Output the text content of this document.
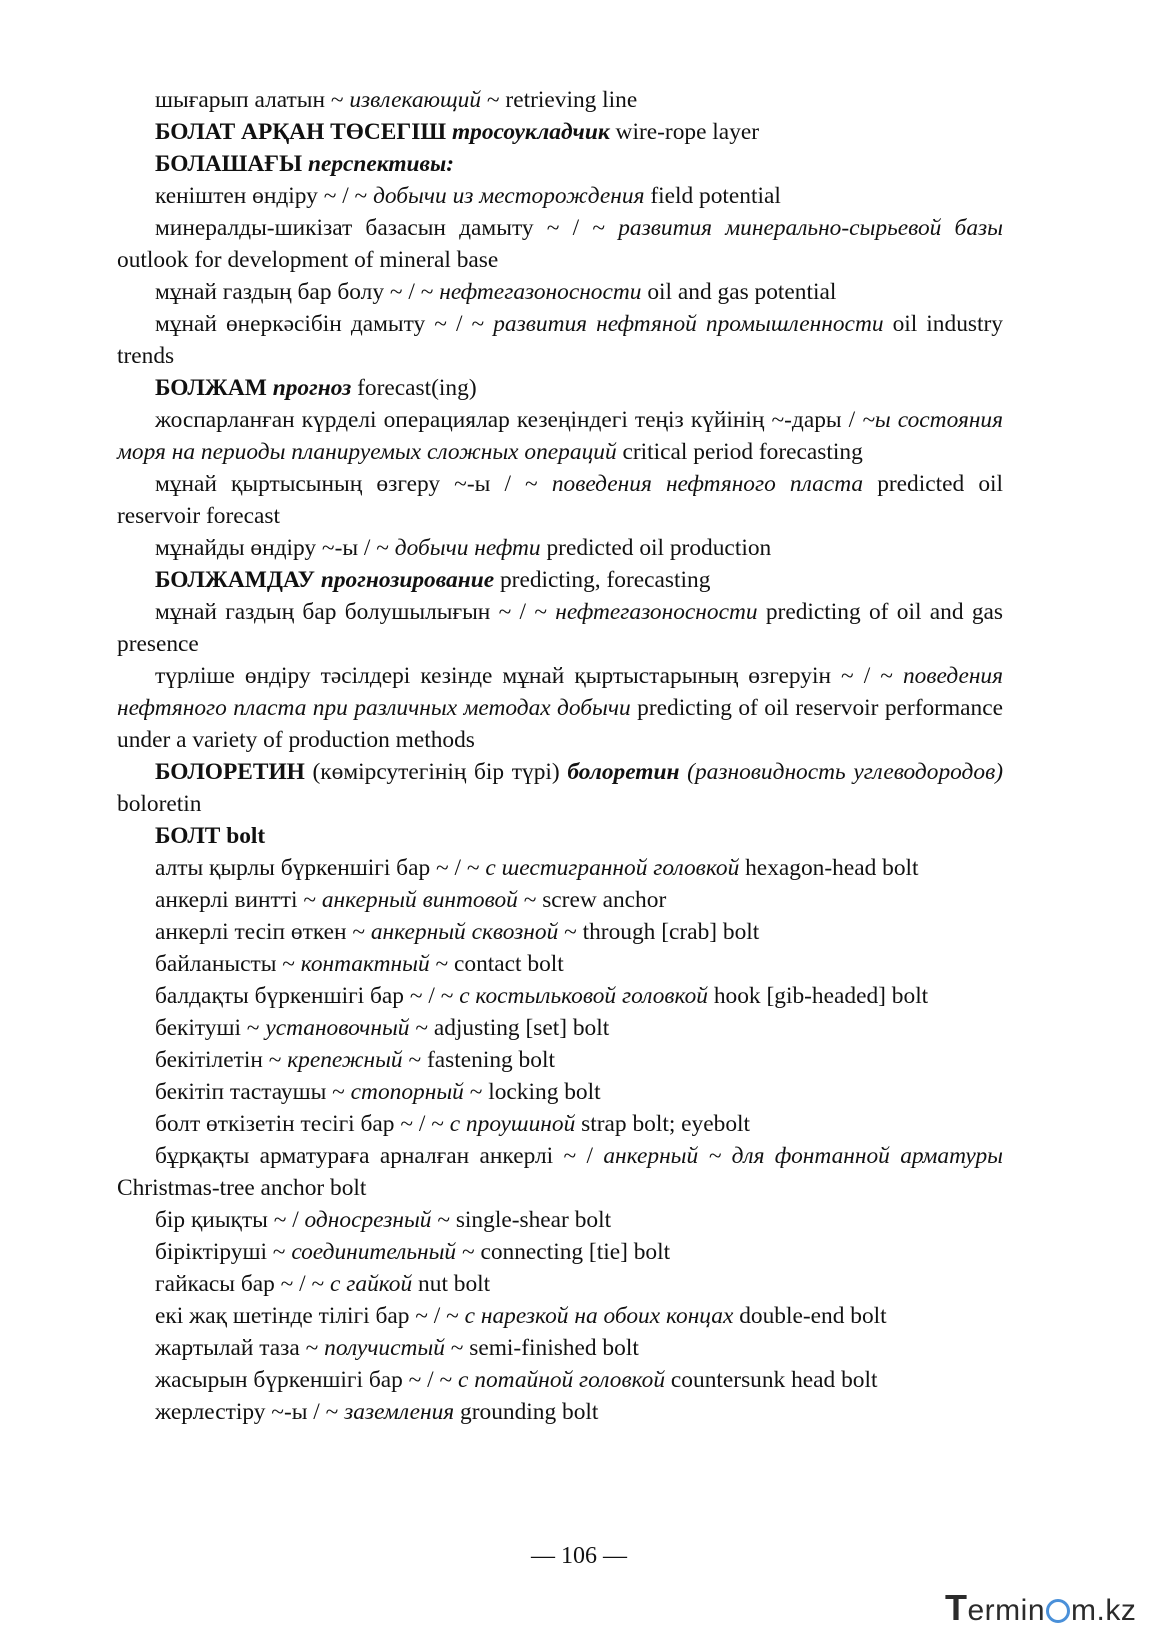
шығарып алатын ~ извлекающий ~ retrieving line
БОЛАТ АРҚАН ТӨСЕГІШ тросоукладчик wire-rope layer
БОЛАШАҒЫ перспективы:
кеніштен өндіру ~ / ~ добычи из месторождения field potential
минералды-шикізат базасын дамыту ~ / ~ развития минерально-сырьевой базы outlook for development of mineral base
мұнай газдың бар болу ~ / ~ нефтегазоносности oil and gas potential
мұнай өнеркәсібін дамыту ~ / ~ развития нефтяной промышленности oil industry trends
БОЛЖАМ прогноз forecast(ing)
жоспарланған күрделі операциялар кезеңіндегі теңіз күйінің ~-дары / ~ы состояния моря на периоды планируемых сложных операций critical period forecasting
мұнай қыртысының өзгеру ~-ы / ~ поведения нефтяного пласта predicted oil reservoir forecast
мұнайды өндіру ~-ы / ~ добычи нефти predicted oil production
БОЛЖАМДАУ прогнозирование predicting, forecasting
мұнай газдың бар болушылығын ~ / ~ нефтегазоносности predicting of oil and gas presence
түрліше өндіру тәсілдері кезінде мұнай қыртыстарының өзгеруін ~ / ~ поведения нефтяного пласта при различных методах добычи predicting of oil reservoir performance under a variety of production methods
БОЛОРЕТИН (көмірсутегінің бір түрі) болоретин (разновидность углеводородов) boloretin
БОЛТ bolt
алты қырлы бүркеншігі бар ~ / ~ с шестигранной головкой hexagon-head bolt
анкерлі винтті ~ анкерный винтовой ~ screw anchor
анкерлі тесіп өткен ~ анкерный сквозной ~ through [crab] bolt
байланысты ~ контактный ~ contact bolt
балдақты бүркеншігі бар ~ / ~ с костыльковой головкой hook [gib-headed] bolt
бекітуші ~ установочный ~ adjusting [set] bolt
бекітілетін ~ крепежный ~ fastening bolt
бекітіп тастаушы ~ стопорный ~ locking bolt
болт өткізетін тесігі бар ~ / ~ с проушиной strap bolt; eyebolt
бұрқақты арматураға арналған анкерлі ~ / анкерный ~ для фонтанной арматуры Christmas-tree anchor bolt
бір қиықты ~ / односрезный ~ single-shear bolt
біріктіруші ~ соединительный ~ connecting [tie] bolt
гайкасы бар ~ / ~ с гайкой nut bolt
екі жақ шетінде тілігі бар ~ / ~ с нарезкой на обоих концах double-end bolt
жартылай таза ~ получистый ~ semi-finished bolt
жасырын бүркеншігі бар ~ / ~ с потайной головкой countersunk head bolt
жерлестіру ~-ы / ~ заземления grounding bolt
— 106 —
Termin m.kz
